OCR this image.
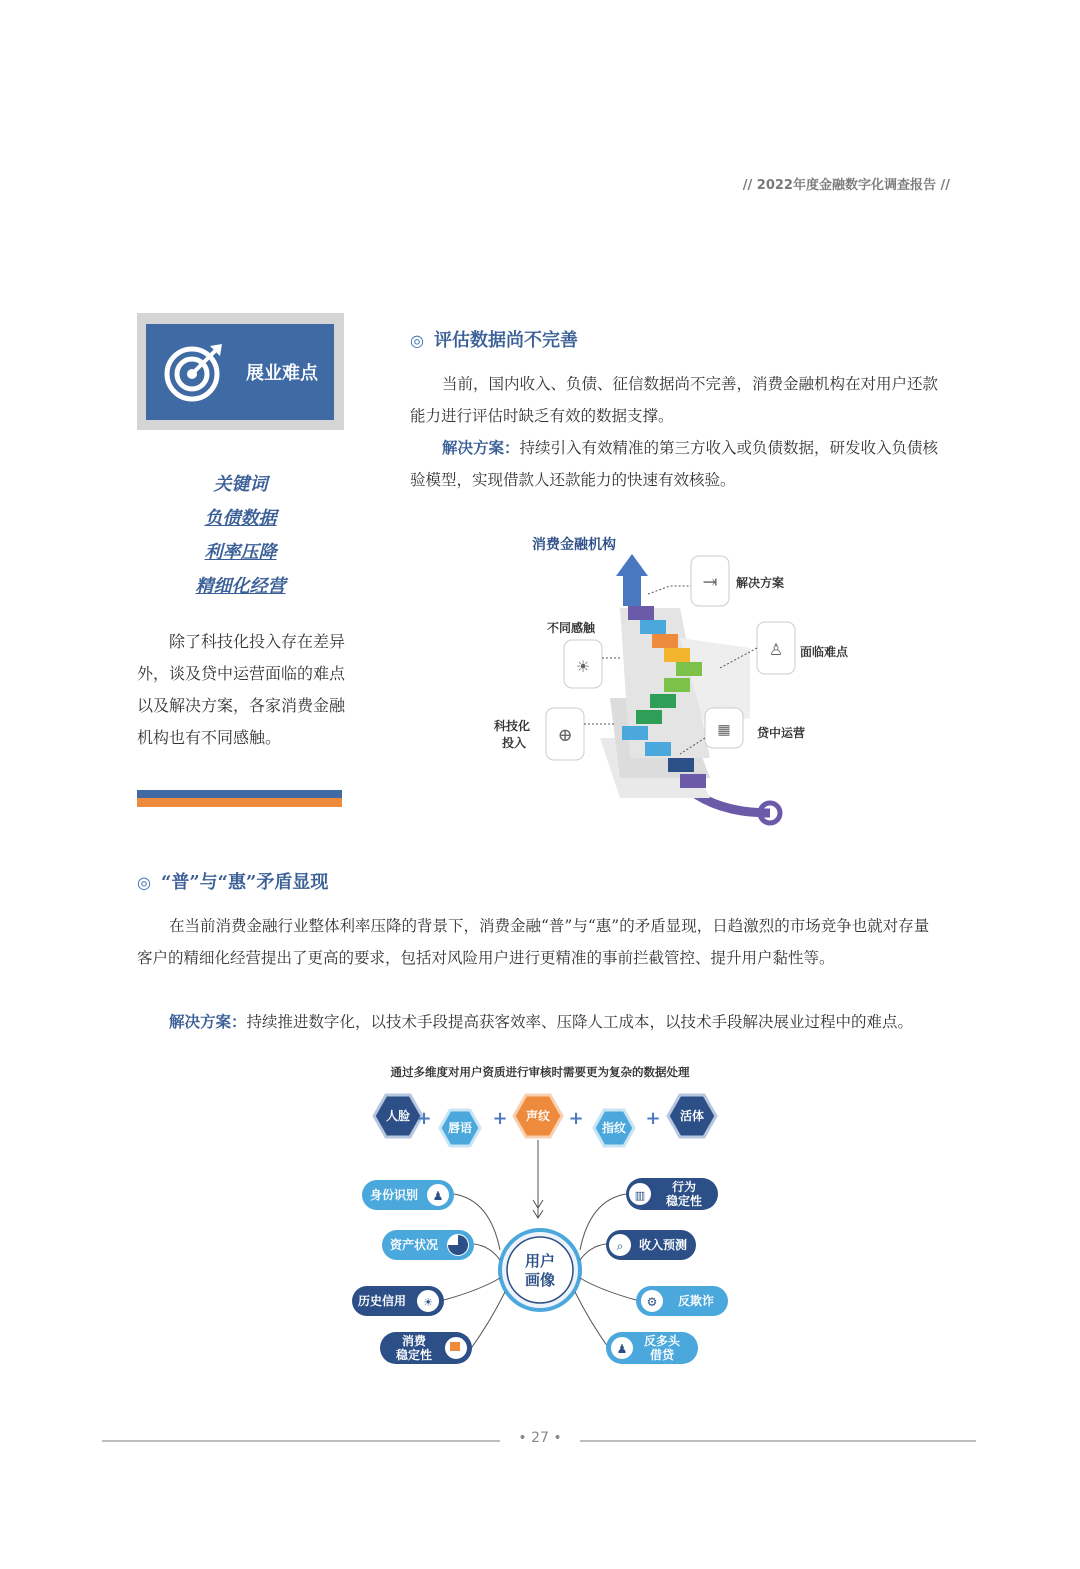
// 2022年度金融数字化调查报告 //
展业难点
关键词
负债数据
利率压降
精细化经营
除了科技化投入存在差异外，谈及贷中运营面临的难点以及解决方案，各家消费金融机构也有不同感触。
◎ 评估数据尚不完善
当前，国内收入、负债、征信数据尚不完善，消费金融机构在对用户还款能力进行评估时缺乏有效的数据支撑。
解决方案：持续引入有效精准的第三方收入或负债数据，研发收入负债核验模型，实现借款人还款能力的快速有效核验。
消费金融机构
⇥
☀
♙
⊕	▦
解决方案
不同感触
面临难点
科技化
投入
贷中运营
◎ “普”与“惠”矛盾显现
在当前消费金融行业整体利率压降的背景下，消费金融“普”与“惠”的矛盾显现，日趋激烈的市场竞争也就对存量客户的精细化经营提出了更高的要求，包括对风险用户进行更精准的事前拦截管控、提升用户黏性等。
解决方案：持续推进数字化，以技术手段提高获客效率、压降人工成本，以技术手段解决展业过程中的难点。
通过多维度对用户资质进行审核时需要更为复杂的数据处理
人脸 + 唇语 + 声纹 + 指纹 + 活体
用户
画像
♟
身份识别
资产状况
☀
历史信用
消费
稳定性
▥
行为
稳定性
⌕ 收入预测
⚙ 反欺诈
♟
反多头
借贷
• 27 •
